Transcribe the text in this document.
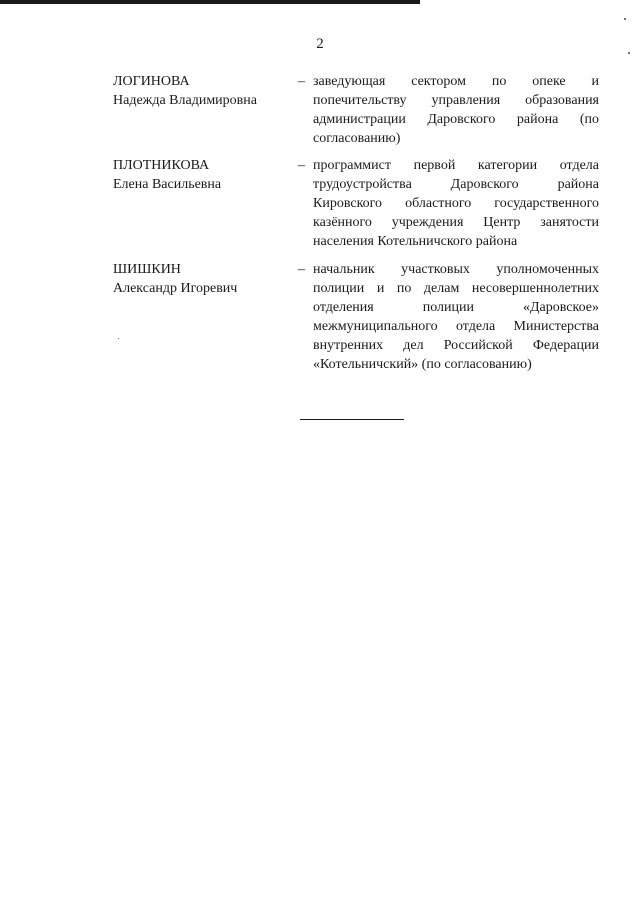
2
ЛОГИНОВА
Надежда Владимировна
– заведующая сектором по опеке и попечительству управления образования администрации Даровского района (по согласованию)
ПЛОТНИКОВА
Елена Васильевна
– программист первой категории отдела трудоустройства Даровского района Кировского областного государственного казённого учреждения Центр занятости населения Котельничского района
ШИШКИН
Александр Игоревич
– начальник участковых уполномоченных полиции и по делам несовершеннолетних отделения полиции «Даровское» межмуниципального отдела Министерства внутренних дел Российской Федерации «Котельничский» (по согласованию)
